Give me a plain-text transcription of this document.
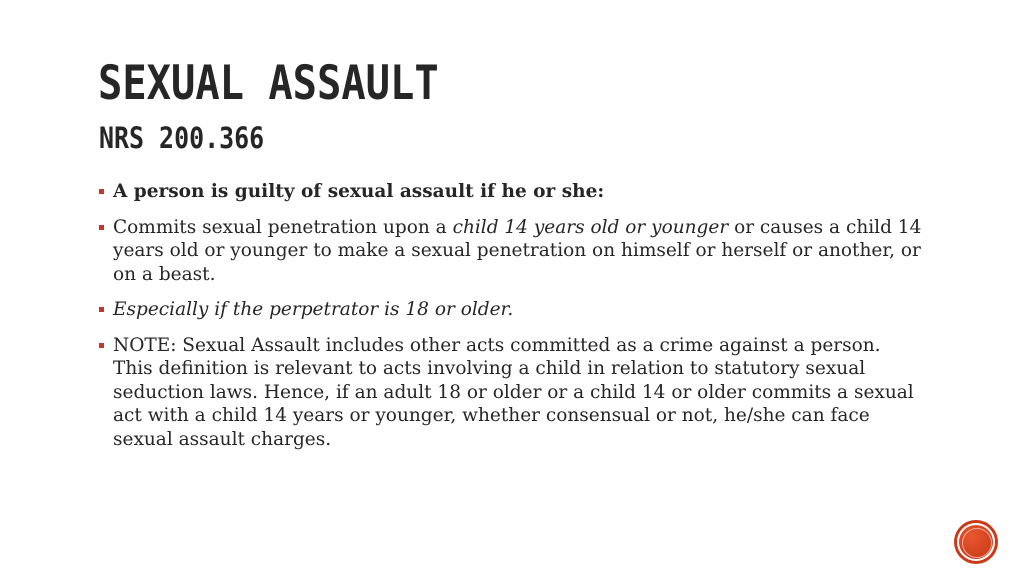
SEXUAL ASSAULT
NRS 200.366
A person is guilty of sexual assault if he or she:
Commits sexual penetration upon a child 14 years old or younger or causes a child 14 years old or younger to make a sexual penetration on himself or herself or another, or on a beast.
Especially if the perpetrator is 18 or older.
NOTE: Sexual Assault includes other acts committed as a crime against a person. This definition is relevant to acts involving a child in relation to statutory sexual seduction laws. Hence, if an adult 18 or older or a child 14 or older commits a sexual act with a child 14 years or younger, whether consensual or not, he/she can face sexual assault charges.
